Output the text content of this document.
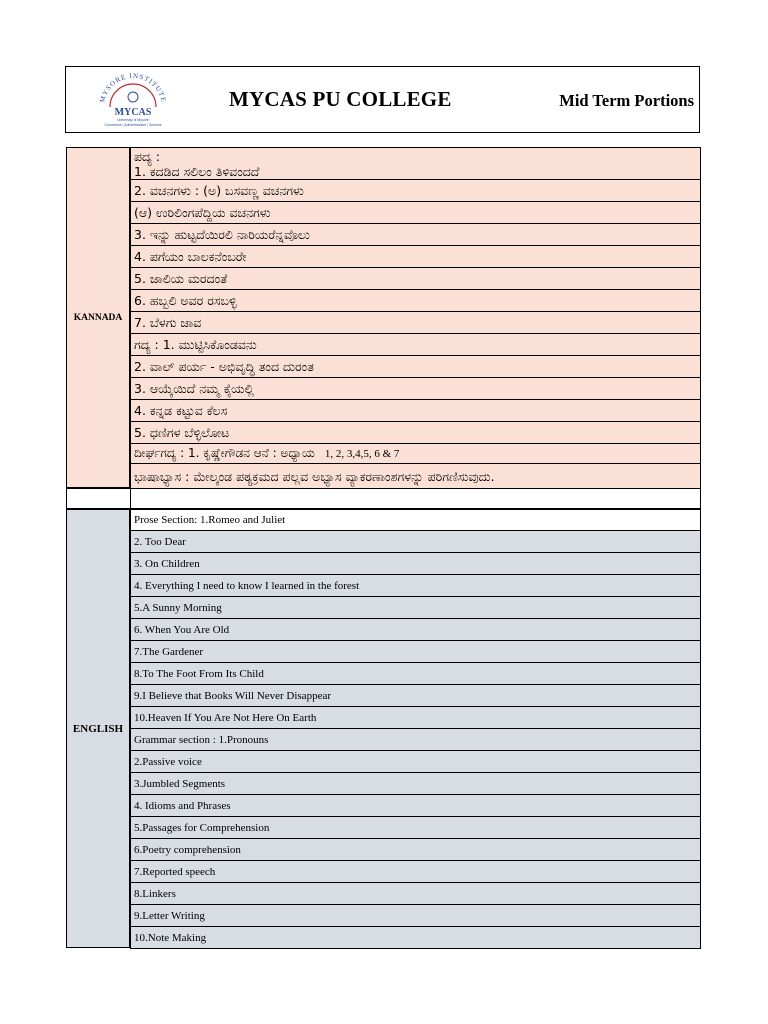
MYSORE INSTITUTE
MYCAS
University of Mysore
Commerce | Administrative | Science
MYCAS PU COLLEGE	Mid Term Portions
KANNADA
ಪದ್ಯ :
1. ಕದಡಿದ ಸಲಿಲಂ ತಿಳಿವಂದದೆ
2. ವಚನಗಳು : (ಅ) ಬಸವಣ್ಣ ವಚನಗಳು
(ಆ) ಉರಿಲಿಂಗಪೆದ್ದಿಯ ವಚನಗಳು
3. ಇನ್ನು ಹುಟ್ಟದೆಯಿರಲಿ ನಾರಿಯರೆನ್ನವೊಲು
4. ಪಗೆಯಂ ಬಾಲಕನೆಂಬರೇ
5. ಜಾಲಿಯ ಮರದಂತೆ
6. ಹಬ್ಬಲಿ ಅವರ ರಸಬಳ್ಳಿ
7. ಬೆಳಗು ಜಾವ
ಗದ್ಯ : 1. ಮುಟ್ಟಿಸಿಕೊಂಡವನು
2. ವಾಲ್ ಪರ್ಯ - ಅಭಿವೃದ್ಧಿ ತಂದ ದುರಂತ
3. ಆಯ್ಕೆಯಿದೆ ನಮ್ಮ ಕೈಯಲ್ಲಿ
4. ಕನ್ನಡ ಕಟ್ಟುವ ಕೆಲಸ
5. ಧಣಿಗಳ ಬೆಳ್ಳಿಲೋಟ
ದೀರ್ಘಗದ್ಯ : 1. ಕೃಷ್ಣೇಗೌಡನ ಆನೆ : ಅಧ್ಯಾಯ 1, 2, 3,4,5, 6 & 7
ಭಾಷಾಭ್ಯಾಸ : ಮೇಲ್ಕಂಡ ಪಠ್ಯಕ್ರಮದ ಪಲ್ಲವ ಅಭ್ಯಾಸ ವ್ಯಾಕರಣಾಂಶಗಳನ್ನು ಪರಿಗಣಿಸುವುದು.
ENGLISH
Prose Section: 1.Romeo and Juliet
2. Too Dear
3. On Children
4. Everything I need to know I learned in the forest
5.A Sunny Morning
6. When You Are Old
7.The Gardener
8.To The Foot From Its Child
9.I Believe that Books Will Never Disappear
10.Heaven If You Are Not Here On Earth
Grammar section : 1.Pronouns
2.Passive voice
3.Jumbled Segments
4. Idioms and Phrases
5.Passages for Comprehension
6.Poetry comprehension
7.Reported speech
8.Linkers
9.Letter Writing
10.Note Making
